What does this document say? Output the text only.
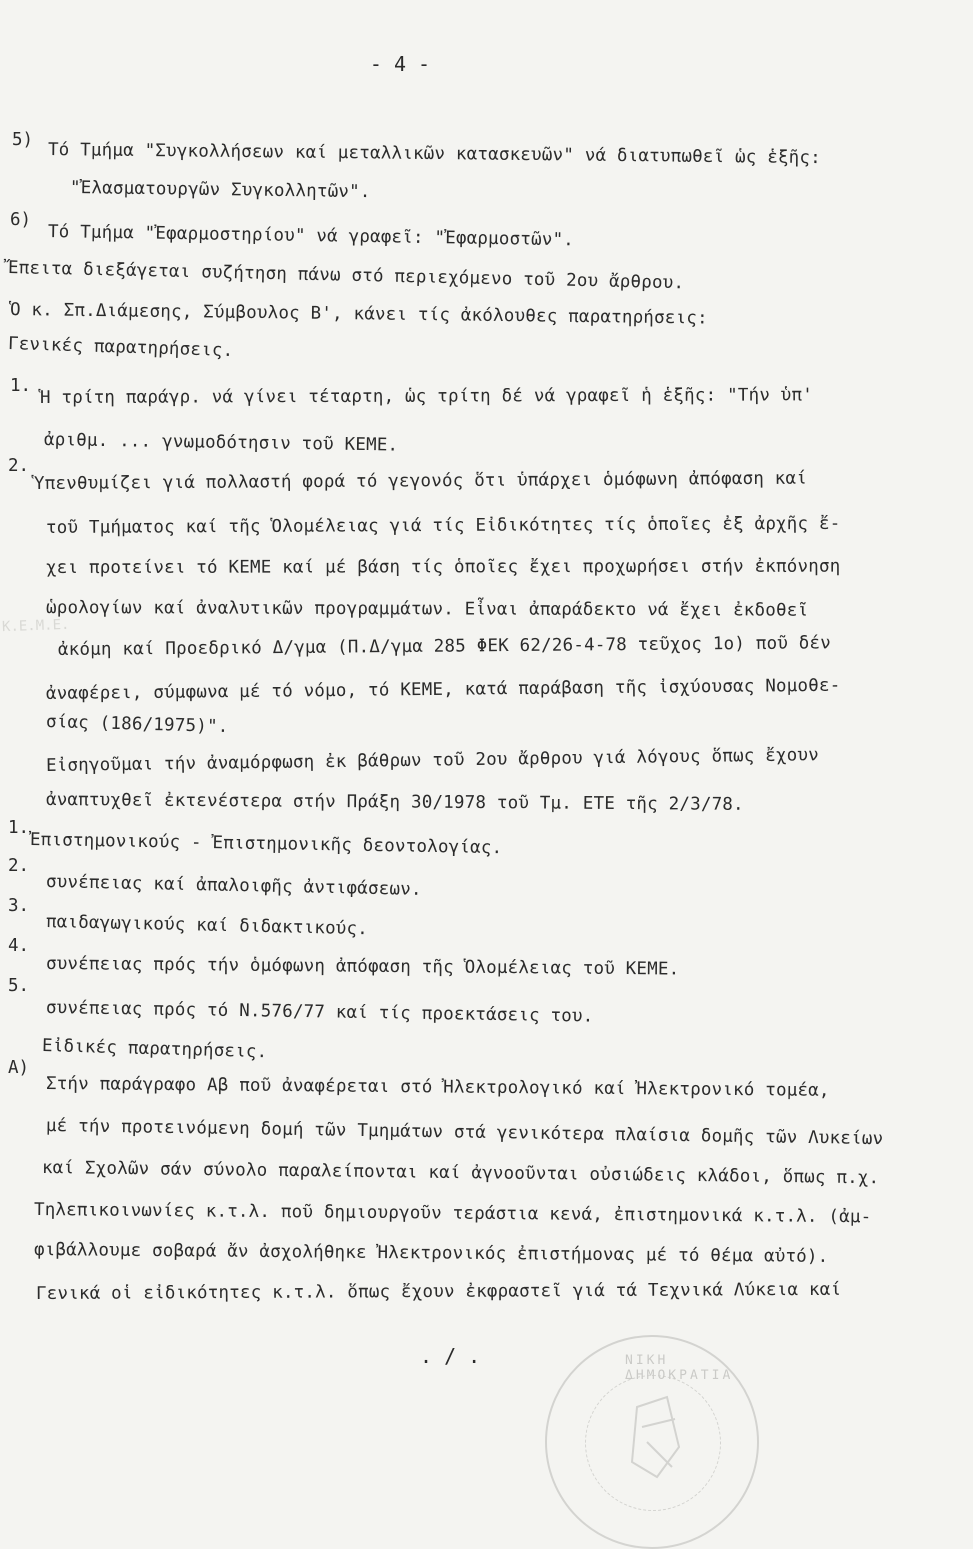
- 4 -
5)
6)
1.
2.
1.
2.
3.
4.
5.
A)
Τό Τμήμα "Συγκολλήσεων καί μεταλλικῶν κατασκευῶν" νά διατυπωθεῖ ὡς ἑξῆς:
"Ἐλασματουργῶν Συγκολλητῶν".
Τό Τμήμα "Ἐφαρμοστηρίου" νά γραφεῖ: "Ἐφαρμοστῶν".
Ἔπειτα διεξάγεται συζήτηση πάνω στό περιεχόμενο τοῦ 2ου ἄρθρου.
Ὁ κ. Σπ.Διάμεσης, Σύμβουλος Β', κάνει τίς ἀκόλουθες παρατηρήσεις:
Γενικές παρατηρήσεις.
Ἡ τρίτη παράγρ. νά γίνει τέταρτη, ὡς τρίτη δέ νά γραφεῖ ἡ ἑξῆς: "Τήν ὑπ'
ἀριθμ. ... γνωμοδότησιν τοῦ ΚΕΜΕ.
Ὑπενθυμίζει γιά πολλαστή φορά τό γεγονός ὅτι ὑπάρχει ὁμόφωνη ἀπόφαση καί
τοῦ Τμήματος καί τῆς Ὁλομέλειας γιά τίς Εἰδικότητες τίς ὁποῖες ἐξ ἀρχῆς ἔ-
χει προτείνει τό ΚΕΜΕ καί μέ βάση τίς ὁποῖες ἔχει προχωρήσει στήν ἐκπόνηση
ὡρολογίων καί ἀναλυτικῶν προγραμμάτων. Εἶναι ἀπαράδεκτο νά ἔχει ἐκδοθεῖ
ἀκόμη καί Προεδρικό Δ/γμα (Π.Δ/γμα 285 ΦΕΚ 62/26-4-78 τεῦχος 1ο) ποῦ δέν
ἀναφέρει, σύμφωνα μέ τό νόμο, τό ΚΕΜΕ, κατά παράβαση τῆς ἰσχύουσας Νομοθε-
σίας (186/1975)".
Εἰσηγοῦμαι τήν ἀναμόρφωση ἐκ βάθρων τοῦ 2ου ἄρθρου γιά λόγους ὅπως ἔχουν
ἀναπτυχθεῖ ἐκτενέστερα στήν Πράξη 30/1978 τοῦ Τμ. ΕΤΕ τῆς 2/3/78.
Ἐπιστημονικούς - Ἐπιστημονικῆς δεοντολογίας.
συνέπειας καί ἀπαλοιφῆς ἀντιφάσεων.
παιδαγωγικούς καί διδακτικούς.
συνέπειας πρός τήν ὁμόφωνη ἀπόφαση τῆς Ὁλομέλειας τοῦ ΚΕΜΕ.
συνέπειας πρός τό Ν.576/77 καί τίς προεκτάσεις του.
Εἰδικές παρατηρήσεις.
Στήν παράγραφο Αβ ποῦ ἀναφέρεται στό Ἠλεκτρολογικό καί Ἠλεκτρονικό τομέα,
μέ τήν προτεινόμενη δομή τῶν Τμημάτων στά γενικότερα πλαίσια δομῆς τῶν Λυκείων
καί Σχολῶν σάν σύνολο παραλείπονται καί ἀγνοοῦνται οὐσιώδεις κλάδοι, ὅπως π.χ.
Τηλεπικοινωνίες κ.τ.λ. ποῦ δημιουργοῦν τεράστια κενά, ἐπιστημονικά κ.τ.λ. (ἀμ-
φιβάλλουμε σοβαρά ἄν ἀσχολήθηκε Ἠλεκτρονικός ἐπιστήμονας μέ τό θέμα αὐτό).
Γενικά οἱ εἰδικότητες κ.τ.λ. ὅπως ἔχουν ἐκφραστεῖ γιά τά Τεχνικά Λύκεια καί
Κ.Ε.Μ.Ε.
. / .	ΝΙΚΗ ΔΗΜΟΚΡΑΤΙΑ
